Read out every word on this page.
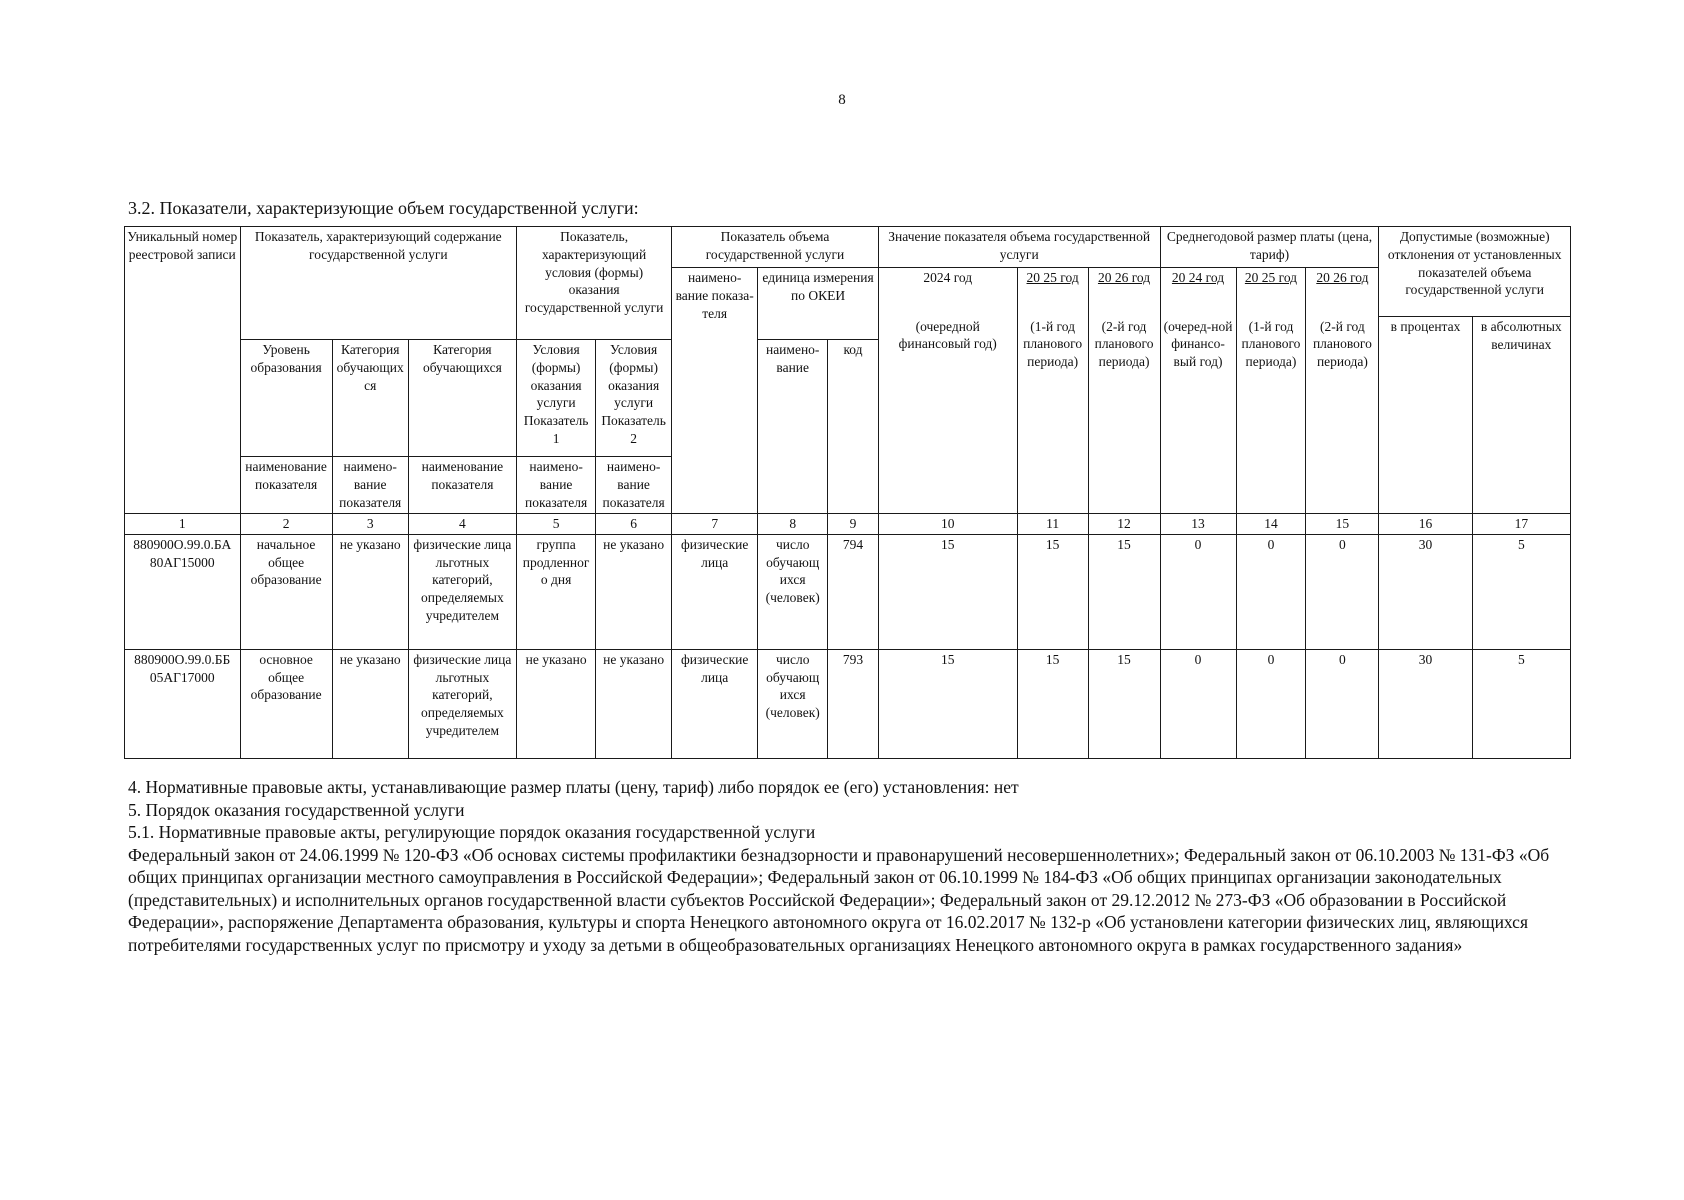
8
3.2. Показатели, характеризующие объем государственной услуги:
Уникальный номер реестровой записи	Показатель, характеризующий содержание государственной услуги			Показатель, характеризующий условия (формы) оказания государственной услуги		Показатель объема государственной услуги			Значение показателя объема государственной услуги			Среднегодовой размер платы (цена, тариф)			Допустимые (возможные) отклонения от установленных показателей объема государственной услуги	
						наимено-вание показа-теля	единица измерения по ОКЕИ		2024 год	20 25 год	20 26 год	20 24 год	20 25 год	20 26 год		
									(очередной финансовый год)	(1-й год планового периода)	(2-й год планового периода)	(очеред-ной финансо-вый год)	(1-й год планового периода)	(2-й год планового периода)	в процентах	в абсолютных величинах
	Уровень образования	Категория обучающих ся	Категория обучающихся	Условия (формы) оказания услуги Показатель 1	Условия (формы) оказания услуги Показатель 2		наимено-вание	код								
	наименование показателя	наимено-вание показателя	наименование показателя	наимено-вание показателя	наимено-вание показателя											
1	2	3	4	5	6	7	8	9	10	11	12	13	14	15	16	17
880900О.99.0.БА 80АГ15000	начальное общее образование	не указано	физические лица льготных категорий, определяемых учредителем	группа продленног о дня	не указано	физические лица	число обучающ ихся (человек)	794	15	15	15	0	0	0	30	5
880900О.99.0.ББ 05АГ17000	основное общее образование	не указано	физические лица льготных категорий, определяемых учредителем	не указано	не указано	физические лица	число обучающ ихся (человек)	793	15	15	15	0	0	0	30	5

4. Нормативные правовые акты, устанавливающие размер платы (цену, тариф) либо порядок ее (его) установления: нет

5. Порядок оказания государственной услуги

5.1. Нормативные правовые акты, регулирующие порядок оказания государственной услуги

Федеральный закон от 24.06.1999 № 120-ФЗ «Об основах системы профилактики безнадзорности и правонарушений несовершеннолетних»; Федеральный закон от 06.10.2003 № 131-ФЗ «Об общих принципах организации местного самоуправления в Российской Федерации»; Федеральный закон от 06.10.1999 № 184-ФЗ «Об общих принципах организации законодательных (представительных) и исполнительных органов государственной власти субъектов Российской Федерации»; Федеральный закон от 29.12.2012 № 273-ФЗ «Об образовании в Российской Федерации», распоряжение Департамента образования, культуры и спорта Ненецкого автономного округа от 16.02.2017 № 132-р «Об установлени категории физических лиц, являющихся потребителями государственных услуг по присмотру и уходу за детьми в общеобразовательных организациях Ненецкого автономного округа в рамках государственного задания»
